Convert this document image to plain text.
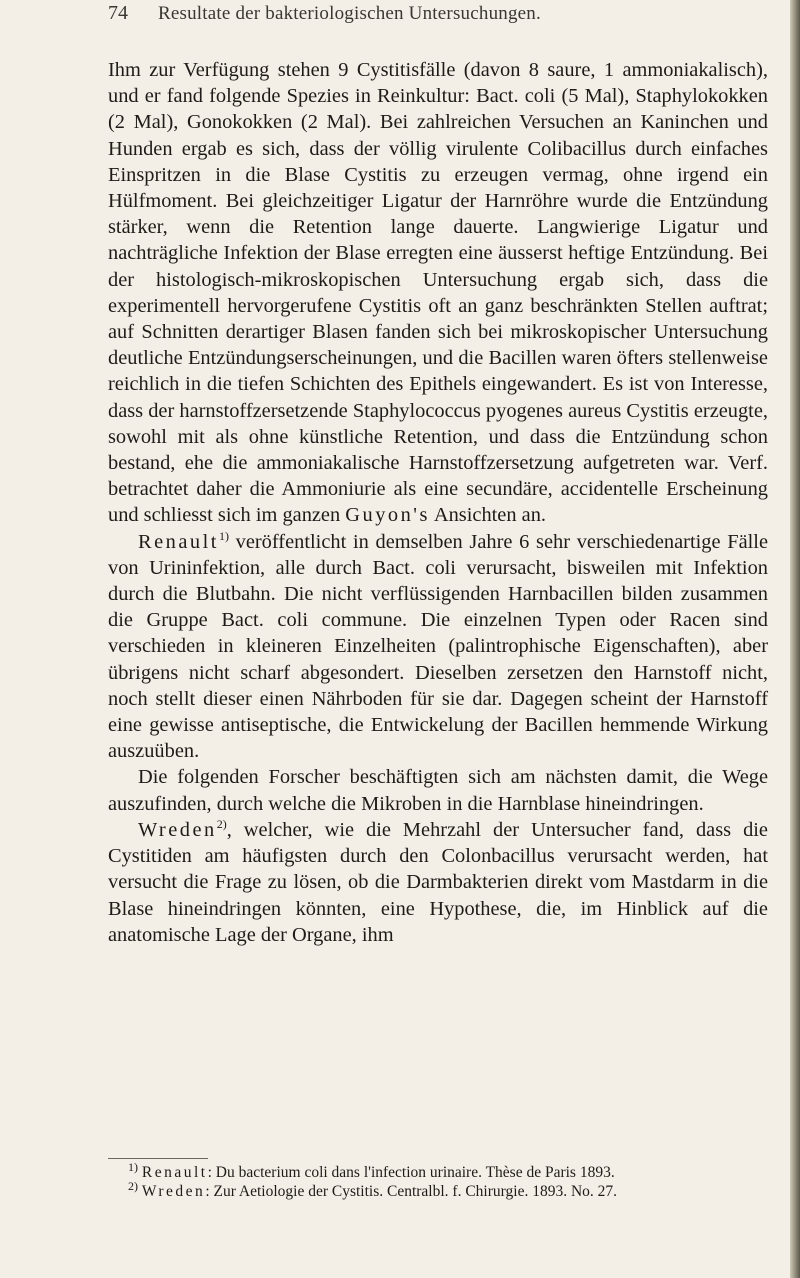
74 Resultate der bakteriologischen Untersuchungen.

Ihm zur Verfügung stehen 9 Cystitisfälle (davon 8 saure, 1 ammoniakalisch), und er fand folgende Spezies in Reinkultur: Bact. coli (5 Mal), Staphylokokken (2 Mal), Gonokokken (2 Mal). Bei zahlreichen Versuchen an Kaninchen und Hunden ergab es sich, dass der völlig virulente Colibacillus durch einfaches Einspritzen in die Blase Cystitis zu erzeugen vermag, ohne irgend ein Hülfmoment. Bei gleichzeitiger Ligatur der Harnröhre wurde die Entzündung stärker, wenn die Retention lange dauerte. Langwierige Ligatur und nachträgliche Infektion der Blase erregten eine äusserst heftige Entzündung. Bei der histologisch-mikroskopischen Untersuchung ergab sich, dass die experimentell hervorgerufene Cystitis oft an ganz beschränkten Stellen auftrat; auf Schnitten derartiger Blasen fanden sich bei mikroskopischer Untersuchung deutliche Entzündungserscheinungen, und die Bacillen waren öfters stellenweise reichlich in die tiefen Schichten des Epithels eingewandert. Es ist von Interesse, dass der harnstoffzersetzende Staphylococcus pyogenes aureus Cystitis erzeugte, sowohl mit als ohne künstliche Retention, und dass die Entzündung schon bestand, ehe die ammoniakalische Harnstoffzersetzung aufgetreten war. Verf. betrachtet daher die Ammoniurie als eine secundäre, accidentelle Erscheinung und schliesst sich im ganzen Guyon's Ansichten an.

Renault$^{1)}$ veröffentlicht in demselben Jahre 6 sehr verschiedenartige Fälle von Urininfektion, alle durch Bact. coli verursacht, bisweilen mit Infektion durch die Blutbahn. Die nicht verflüssigenden Harnbacillen bilden zusammen die Gruppe Bact. coli commune. Die einzelnen Typen oder Racen sind verschieden in kleineren Einzelheiten (palintrophische Eigenschaften), aber übrigens nicht scharf abgesondert. Dieselben zersetzen den Harnstoff nicht, noch stellt dieser einen Nährboden für sie dar. Dagegen scheint der Harnstoff eine gewisse antiseptische, die Entwickelung der Bacillen hemmende Wirkung auszuüben.

Die folgenden Forscher beschäftigten sich am nächsten damit, die Wege auszufinden, durch welche die Mikroben in die Harnblase hineindringen.

Wreden$^{2)}$, welcher, wie die Mehrzahl der Untersucher fand, dass die Cystitiden am häufigsten durch den Colonbacillus verursacht werden, hat versucht die Frage zu lösen, ob die Darmbakterien direkt vom Mastdarm in die Blase hineindringen könnten, eine Hypothese, die, im Hinblick auf die anatomische Lage der Organe, ihm

$^{1)}$ Renault: Du bacterium coli dans l'infection urinaire. Thèse de Paris 1893.

$^{2)}$ Wreden: Zur Aetiologie der Cystitis. Centralbl. f. Chirurgie. 1893. No. 27.
